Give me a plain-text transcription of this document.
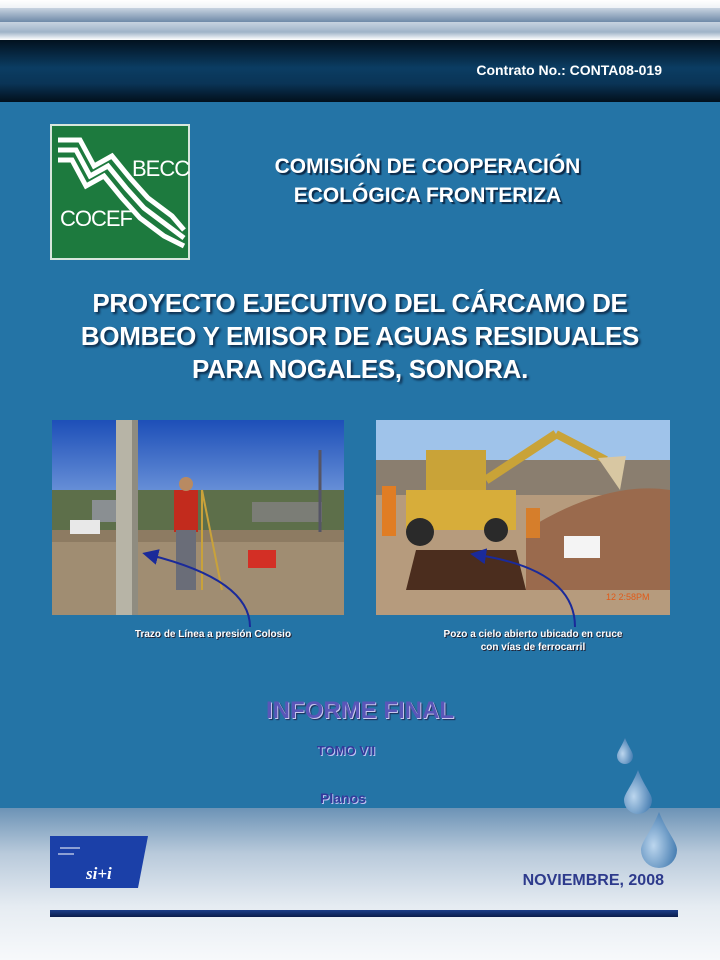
Contrato No.: CONTA08-019
BECC
COCEF
COMISIÓN DE COOPERACIÓN
ECOLÓGICA FRONTERIZA
PROYECTO EJECUTIVO DEL CÁRCAMO DE
BOMBEO Y EMISOR DE AGUAS RESIDUALES
PARA NOGALES, SONORA.
12 2:58PM
Trazo de Línea a presión Colosio	Pozo a cielo abierto ubicado en cruce
con vías de ferrocarril
INFORME FINAL
TOMO VII
Planos
si+i	NOVIEMBRE, 2008
